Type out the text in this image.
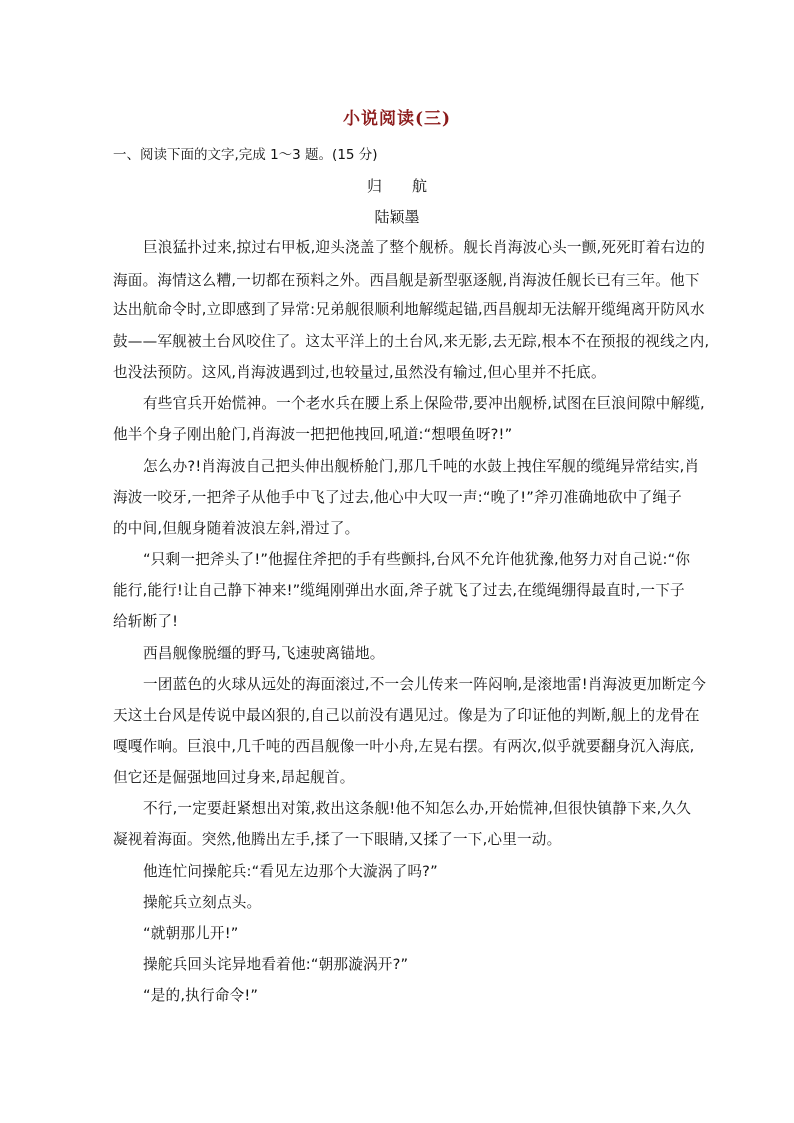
小说阅读(三)
一、阅读下面的文字,完成 1～3 题。(15 分)
归　　航
陆颖墨
巨浪猛扑过来,掠过右甲板,迎头浇盖了整个舰桥。舰长肖海波心头一颤,死死盯着右边的
海面。海情这么糟,一切都在预料之外。西昌舰是新型驱逐舰,肖海波任舰长已有三年。他下
达出航命令时,立即感到了异常:兄弟舰很顺利地解缆起锚,西昌舰却无法解开缆绳离开防风水
鼓——军舰被土台风咬住了。这太平洋上的土台风,来无影,去无踪,根本不在预报的视线之内,
也没法预防。这风,肖海波遇到过,也较量过,虽然没有输过,但心里并不托底。
有些官兵开始慌神。一个老水兵在腰上系上保险带,要冲出舰桥,试图在巨浪间隙中解缆,
他半个身子刚出舱门,肖海波一把把他拽回,吼道:“想喂鱼呀?!”
怎么办?!肖海波自己把头伸出舰桥舱门,那几千吨的水鼓上拽住军舰的缆绳异常结实,肖
海波一咬牙,一把斧子从他手中飞了过去,他心中大叹一声:“晚了!”斧刃准确地砍中了绳子
的中间,但舰身随着波浪左斜,滑过了。
“只剩一把斧头了!”他握住斧把的手有些颤抖,台风不允许他犹豫,他努力对自己说:“你
能行,能行!让自己静下神来!”缆绳刚弹出水面,斧子就飞了过去,在缆绳绷得最直时,一下子
给斩断了!
西昌舰像脱缰的野马,飞速驶离锚地。
一团蓝色的火球从远处的海面滚过,不一会儿传来一阵闷响,是滚地雷!肖海波更加断定今
天这土台风是传说中最凶狠的,自己以前没有遇见过。像是为了印证他的判断,舰上的龙骨在
嘎嘎作响。巨浪中,几千吨的西昌舰像一叶小舟,左晃右摆。有两次,似乎就要翻身沉入海底,
但它还是倔强地回过身来,昂起舰首。
不行,一定要赶紧想出对策,救出这条舰!他不知怎么办,开始慌神,但很快镇静下来,久久
凝视着海面。突然,他腾出左手,揉了一下眼睛,又揉了一下,心里一动。
他连忙问操舵兵:“看见左边那个大漩涡了吗?”
操舵兵立刻点头。
“就朝那儿开!”
操舵兵回头诧异地看着他:“朝那漩涡开?”
“是的,执行命令!”
